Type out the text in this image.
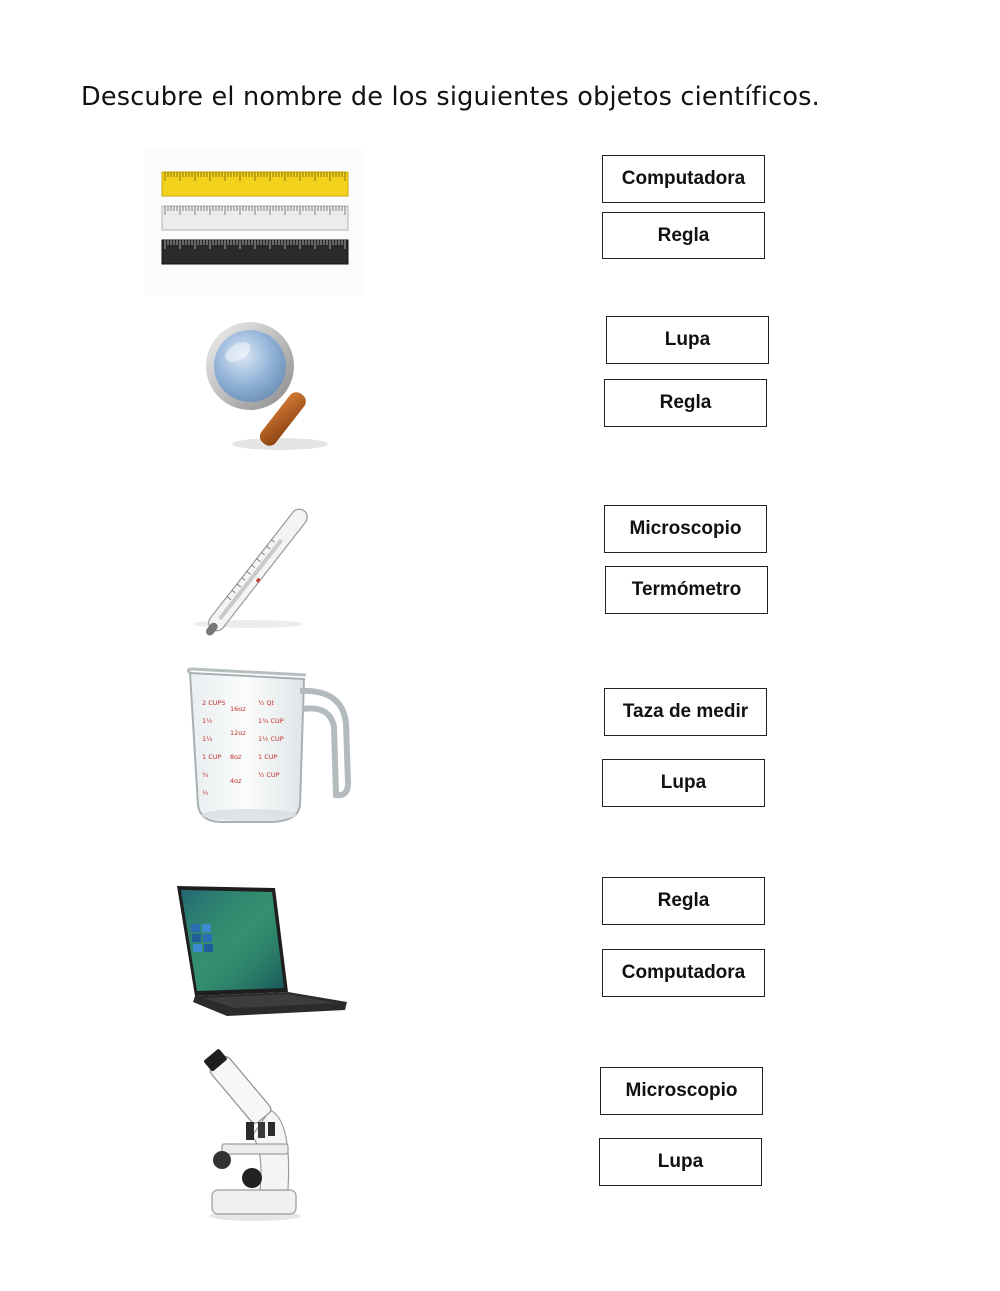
Descubre el nombre de los siguientes objetos científicos.
Computadora
Regla
Lupa
Regla
Microscopio
Termómetro
2 CUPS
1½
1¼
1 CUP
¾
½
16oz
12oz
8oz
4oz
½ Qt
1¾ CUP
1½ CUP
1 CUP
½ CUP
Taza de medir
Lupa
Regla
Computadora
Microscopio
Lupa
